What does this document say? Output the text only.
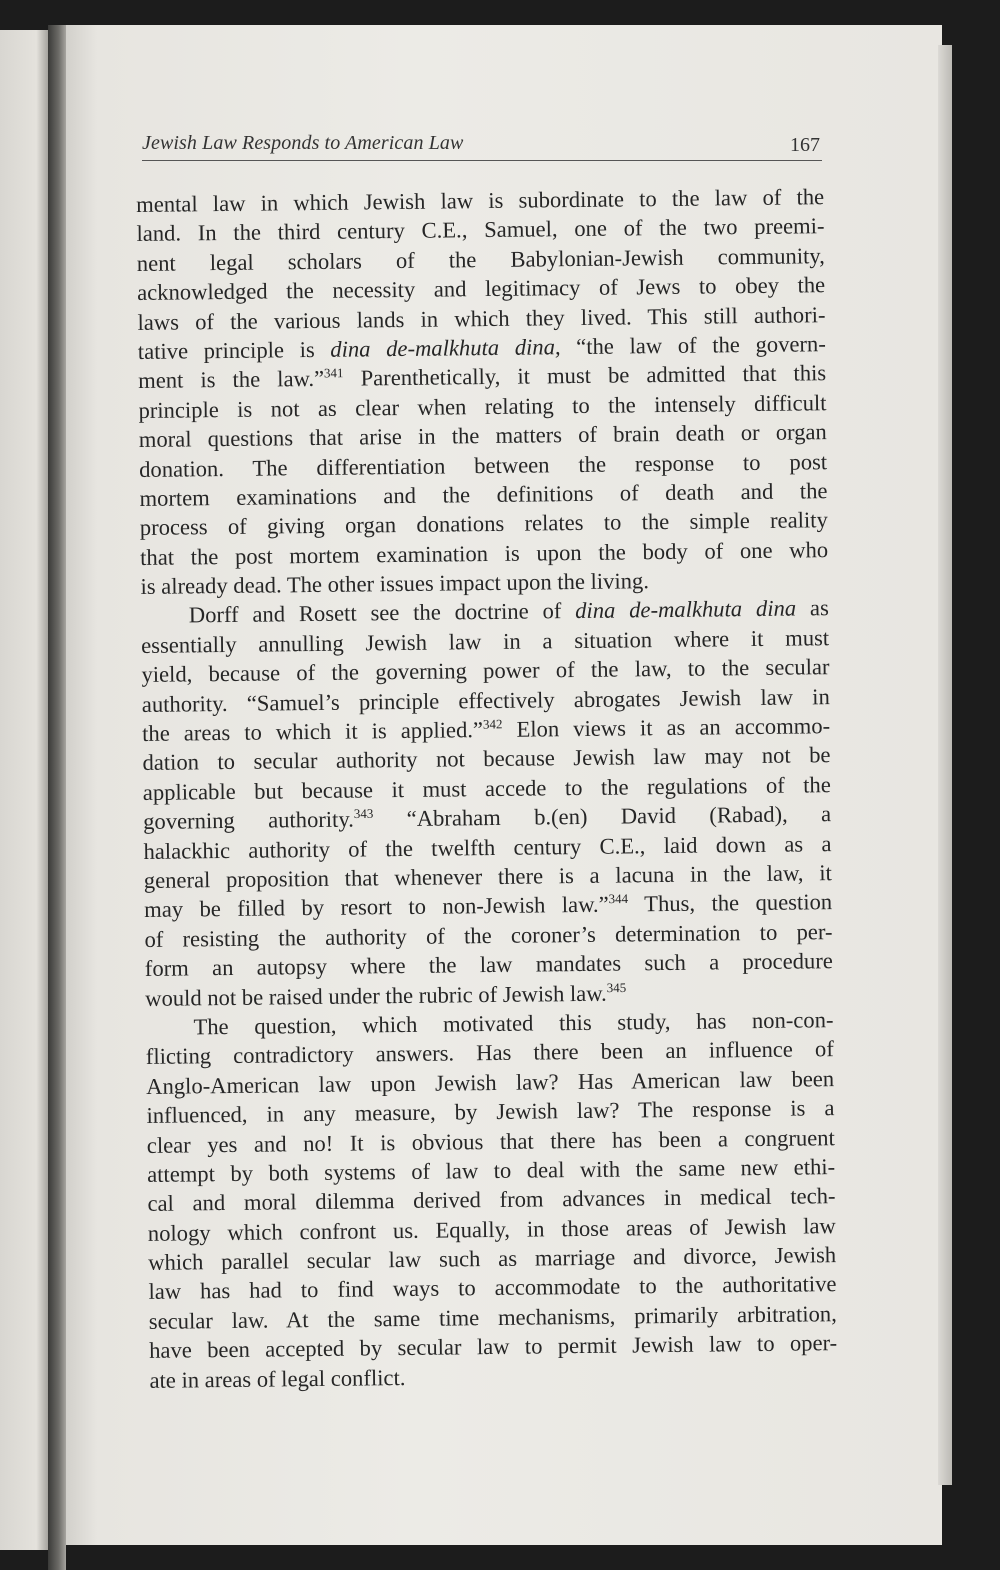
Jewish Law Responds to American Law	167
mental law in which Jewish law is subordinate to the law of the
land. In the third century C.E., Samuel, one of the two preemi-
nent legal scholars of the Babylonian-Jewish community,
acknowledged the necessity and legitimacy of Jews to obey the
laws of the various lands in which they lived. This still authori-
tative principle is dina de-malkhuta dina, “the law of the govern-
ment is the law.”$^{341}$ Parenthetically, it must be admitted that this
principle is not as clear when relating to the intensely difficult
moral questions that arise in the matters of brain death or organ
donation. The differentiation between the response to post
mortem examinations and the definitions of death and the
process of giving organ donations relates to the simple reality
that the post mortem examination is upon the body of one who
is already dead. The other issues impact upon the living.
Dorff and Rosett see the doctrine of dina de-malkhuta dina as
essentially annulling Jewish law in a situation where it must
yield, because of the governing power of the law, to the secular
authority. “Samuel’s principle effectively abrogates Jewish law in
the areas to which it is applied.”$^{342}$ Elon views it as an accommo-
dation to secular authority not because Jewish law may not be
applicable but because it must accede to the regulations of the
governing authority.$^{343}$ “Abraham b.(en) David (Rabad), a
halackhic authority of the twelfth century C.E., laid down as a
general proposition that whenever there is a lacuna in the law, it
may be filled by resort to non-Jewish law.”$^{344}$ Thus, the question
of resisting the authority of the coroner’s determination to per-
form an autopsy where the law mandates such a procedure
would not be raised under the rubric of Jewish law.$^{345}$
The question, which motivated this study, has non-con-
flicting contradictory answers. Has there been an influence of
Anglo-American law upon Jewish law? Has American law been
influenced, in any measure, by Jewish law? The response is a
clear yes and no! It is obvious that there has been a congruent
attempt by both systems of law to deal with the same new ethi-
cal and moral dilemma derived from advances in medical tech-
nology which confront us. Equally, in those areas of Jewish law
which parallel secular law such as marriage and divorce, Jewish
law has had to find ways to accommodate to the authoritative
secular law. At the same time mechanisms, primarily arbitration,
have been accepted by secular law to permit Jewish law to oper-
ate in areas of legal conflict.
